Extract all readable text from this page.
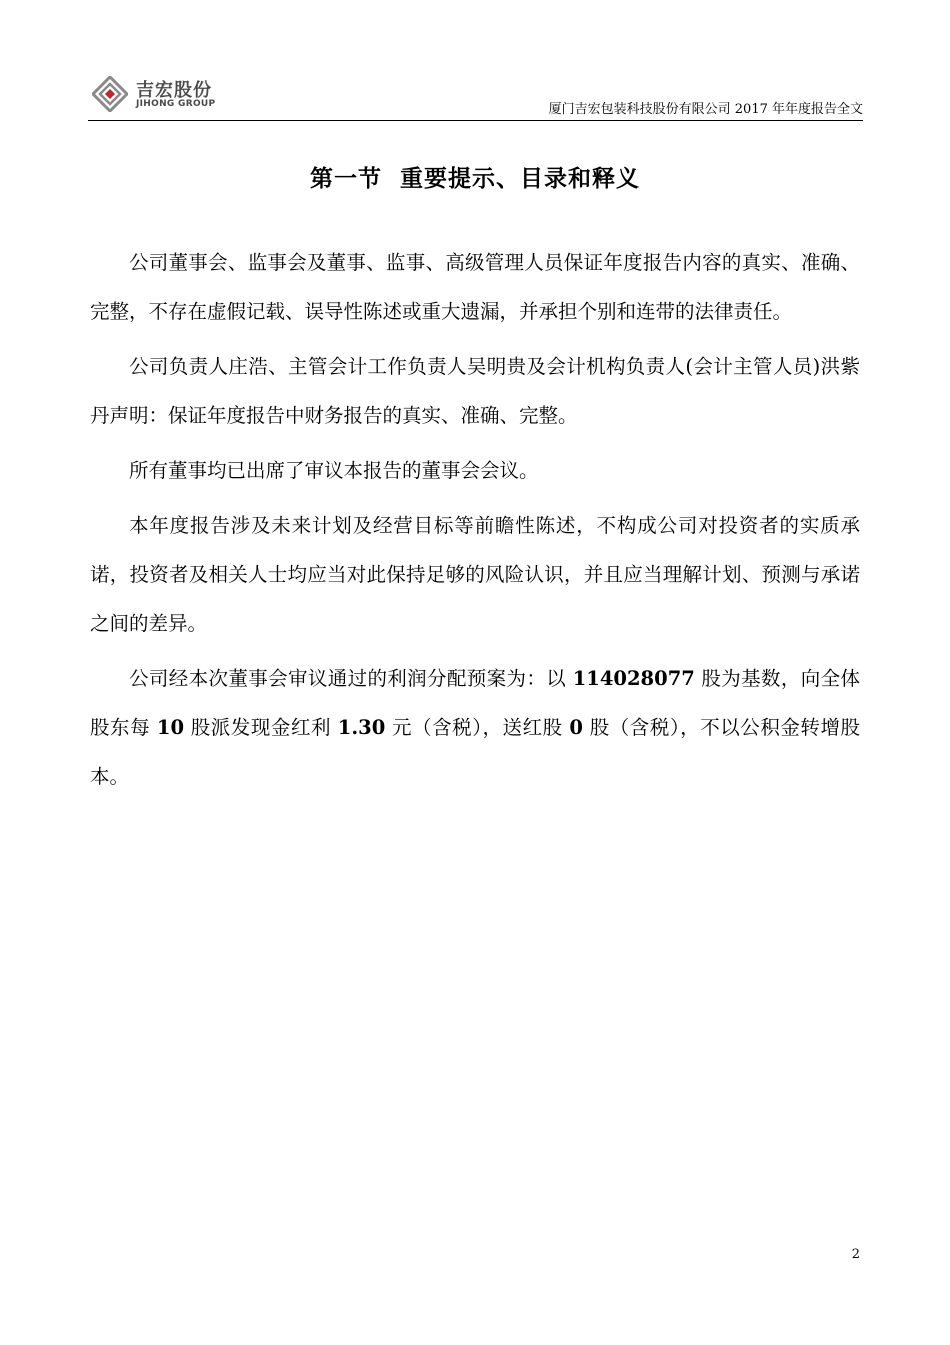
吉宏股份
JIHONG GROUP	厦门吉宏包装科技股份有限公司 2017 年年度报告全文
第一节  重要提示、目录和释义

公司董事会、监事会及董事、监事、高级管理人员保证年度报告内容的真实、准确、完整，不存在虚假记载、误导性陈述或重大遗漏，并承担个别和连带的法律责任。

公司负责人庄浩、主管会计工作负责人吴明贵及会计机构负责人(会计主管人员)洪紫丹声明：保证年度报告中财务报告的真实、准确、完整。

所有董事均已出席了审议本报告的董事会会议。

本年度报告涉及未来计划及经营目标等前瞻性陈述，不构成公司对投资者的实质承诺，投资者及相关人士均应当对此保持足够的风险认识，并且应当理解计划、预测与承诺之间的差异。

公司经本次董事会审议通过的利润分配预案为：以 114028077 股为基数，向全体股东每 10 股派发现金红利 1.30 元（含税），送红股 0 股（含税），不以公积金转增股本。

2
